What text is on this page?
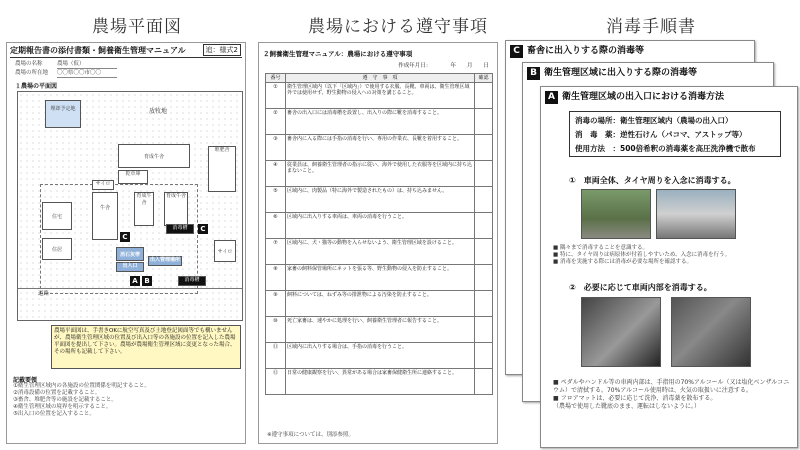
農場平面図	農場における遵守事項	消毒手順書
定期報告書の添付書類・飼養衛生管理マニュアル	追：様式2
農場の名称	農場（仮）
農場の所在地 〇〇県〇〇市〇〇
１農場の平面図
埋却予定地	放牧地
育成牛舎
乾草庫
堆肥舎
サイロ
牛舎
育成牛舎
育成牛舎
住宅
住居	サイロ
消石灰帯
出入口
出入管理場所
消毒槽
消毒槽
C
C
A B
道路
農場平面図は、手書きOKに航空写真及び土地登記図面等でも構いませんが、農場衛生管理区域の位置及び出入口等の各施設の位置を記入した農場平面図を提出して下さい。農場が農場衛生管理区域に変更となった場合、その場所も記載して下さい。
記載要領
①衛生管理区域内の各施設の位置関係を明記すること。
②消毒設備の位置を記載すること。
③畜舎、堆肥舎等の施設を記載すること。
④衛生管理区域の境界を明示すること。
⑤出入口の位置を記入すること。
２飼養衛生管理マニュアル：農場における遵守事項
作成年月日：　　　　年　　月　　日
番号	遵　守　事　項	確認
①	衛生管理区域内（以下「区域内」）で使用する衣服、長靴、車両は、衛生管理区域外では使用せず、野生動物の侵入への対策を講じること。	
②	畜舎の出入口には消毒槽を設置し、出入りの際に靴を消毒すること。	
③	畜舎内に入る際には手指の消毒を行い、専用の作業衣、長靴を着用すること。	
④	従業員は、飼養衛生管理者の指示に従い、海外で使用した衣服等を区域内に持ち込まないこと。	
⑤	区域内に、肉製品（特に海外で製造されたもの）は、持ち込みません。	
⑥	区域内に出入りする車両は、車両の消毒を行うこと。	
⑦	区域内に、犬・猫等の動物を入らせないよう、衛生管理区域を設けること。	
⑧	家畜の飼料保管場所にネットを張る等、野生動物の侵入を防止すること。	
⑨	飼料については、ねずみ等の排泄物による汚染を防止すること。	
⑩	死亡家畜は、速やかに処理を行い、飼養衛生管理者に報告すること。	
⑪	区域内に出入りする場合は、手指の消毒を行うこと。	
⑫	日常の健康観察を行い、異常がある場合は家畜保健衛生所に連絡すること。	
※遵守事項については、別添参照。
C 畜舎に出入りする際の消毒等
B 衛生管理区域に出入りする際の消毒等
A 衛生管理区域の出入口における消毒方法
消毒の場所：衛生管理区域内（農場の出入口）
消　毒　薬：逆性石けん（パコマ、アストップ等）
使用方法　：500倍希釈の消毒薬を高圧洗浄機で散布
①　車両全体、タイヤ周りを入念に消毒する。
■ 隅々まで消毒することを意識する。
■ 特に、タイヤ周りは病原体が付着しやすいため、入念に消毒を行う。
■ 消毒を実施する際には消毒が必要な場所を確認する。
②　必要に応じて車両内部を消毒する。
■ ペダルやハンドル等の車両内部は、手指用の70%アルコール（又は塩化ベンザルコニウム）で清拭する。70%アルコール使用時は、火気の取扱いに注意する。
■ フロアマットは、必要に応じて洗浄、消毒薬を散布する。
（農場で使用した靴底のまま、運転はしないように。）
